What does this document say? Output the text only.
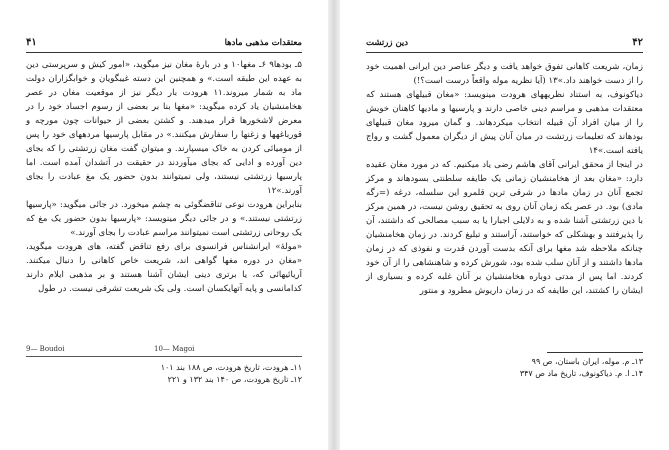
۴۱	معتقدات مذهبی مادها

۵ـ بودها۹ ۶ـ مغها۱۰ و در بارهٔ مغان نیز میگوید، «امور کیش و سرپرستی دین به عهده این طبقه است.» و همچنین این دسته غیبگویان و خوابگزاران دولت ماد به شمار میروند.۱۱ هرودت بار دیگر نیز از موقعیت مغان در عصر هخامنشیان یاد کرده میگوید: «مغها بنا بر بعضی از رسوم اجساد خود را در معرض لاشخورها قرار میدهند. و کشتن بعضی از حیوانات چون مورچه و قورباغهها و زغنها را سفارش میکنند.» در مقابل پارسیها مردههای خود را پس از مومیائی کردن به خاک میسپارند. و میتوان گفت مغان زرتشتی را که بجای دین آورده و ادایی که بجای میآوردند در حقیقت در آتشدان آمده است. اما پارسیها زرتشتی نیستند، ولی نمیتوانند بدون حضور یک مغ عبادت را بجای آورند.»۱۲

بنابراین هرودت نوعی تناقضگوئی به چشم میخورد. در جائی میگوید: «پارسیها زرتشتی نیستند.» و در جائی دیگر مینویسد: «پارسیها بدون حضور یک مغ که یک روحانی زرتشتی است نمیتوانند مراسم عبادت را بجای آورند.»

«مولهٔ» ایرانشناس فرانسوی برای رفع تناقض گفته، های هرودت میگوید، «مغان در دوره مغها گواهی اند، شریعت خاص کاهانی را دنبال میکنند. آریائیهائی که، یا برتری دینی ایشان آشنا هستند و بر مذهبی ایلام دارند کدامانسی و پایه آتهایکسان است. ولی یک شریعت تشرفی نیست. در طول

9— Boudoi	10— Magoi

۱۱ـ هرودت، تاریخ هرودت، ص ۱۸۸ بند ۱۰۱

۱۲ـ تاریخ هرودت، ص ۱۴۰ بند ۱۳۲ و ۲۲۱

۴۲
دین زرتشت

زمان، شریعت کاهانی تفوق خواهد یافت و دیگر عناصر دین ایرانی اهمیت خود را از دست خواهند داد.»۱۳ (آیا نظریه موله واقعاً درست است؟!)

دیاکونوف، به استناد نظریههای هرودت مینویسد: «مغان قبیلهای هستند که معتقدات مذهبی و مراسم دینی خاصی دارند و پارسیها و مادیها کاهنان خویش را از میان افراد آن قبیله انتخاب میکردهاند. و گمان میرود مغان قبیلهای بودهاند که تعلیمات زرتشت در میان آنان پیش از دیگران معمول گشت و رواج یافته است.»۱۴

در اینجا از محقق ایرانی آقای هاشم رضی یاد میکنیم. که در مورد مغان عقیده دارد: «مغان بعد از هخامنشیان زمانی یک طایفه سلطنتی بسودهاند و مرکز تجمع آنان در زمان مادها در شرقی ترین قلمرو این سلسله، درغه (=رگه مادی) بود. در عصر یکه زمان آنان روی به تحقیق روشن نیست، در همین مرکز با دین زرتشتی آشنا شده و به دلایلی اجبارا یا به سبب مصالحی که داشتند، آن را پذیرفتند و بهشکلی که خواستند، آراستند و تبلیغ کردند. در زمان هخامنشیان چنانکه ملاحظه شد مغها برای آنکه بدست آوردن قدرت و نفوذی که در زمان مادها داشتند و از آنان سلب شده بود، شورش کرده و شاهنشاهی را از آن خود کردند. اما پس از مدتی دوباره هخامنشیان بر آنان غلبه کرده و بسیاری از ایشان را کشتند، این طایفه که در زمان داریوش مطرود و منتور

۱۳ـ م. موله، ایران باستان، ص ۹۹

۱۴ـ ا. م. دیاکونوف، تاریخ ماد ص ۳۴۷
